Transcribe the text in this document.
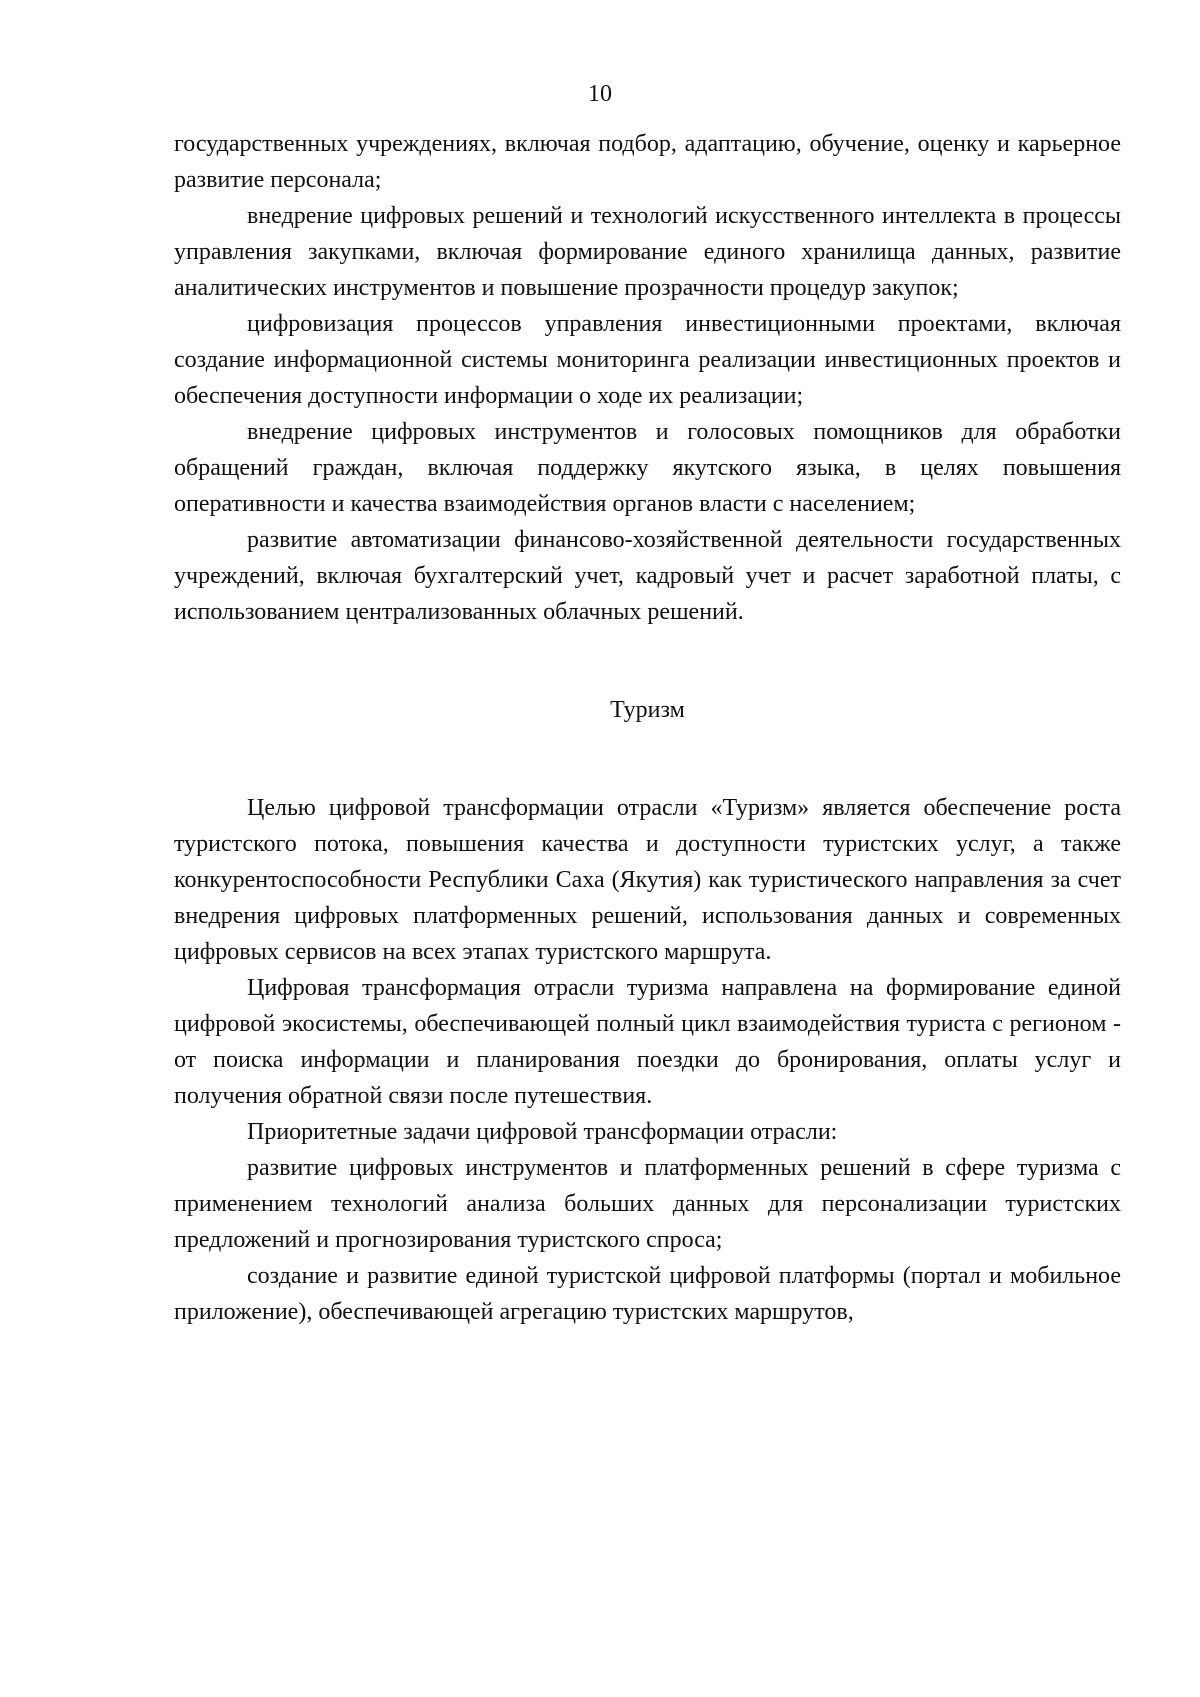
10

государственных учреждениях, включая подбор, адаптацию, обучение, оценку и карьерное развитие персонала;

внедрение цифровых решений и технологий искусственного интеллекта в процессы управления закупками, включая формирование единого хранилища данных, развитие аналитических инструментов и повышение прозрачности процедур закупок;

цифровизация процессов управления инвестиционными проектами, включая создание информационной системы мониторинга реализации инвестиционных проектов и обеспечения доступности информации о ходе их реализации;

внедрение цифровых инструментов и голосовых помощников для обработки обращений граждан, включая поддержку якутского языка, в целях повышения оперативности и качества взаимодействия органов власти с населением;

развитие автоматизации финансово-хозяйственной деятельности государственных учреждений, включая бухгалтерский учет, кадровый учет и расчет заработной платы, с использованием централизованных облачных решений.

Туризм

Целью цифровой трансформации отрасли «Туризм» является обеспечение роста туристского потока, повышения качества и доступности туристских услуг, а также конкурентоспособности Республики Саха (Якутия) как туристического направления за счет внедрения цифровых платформенных решений, использования данных и современных цифровых сервисов на всех этапах туристского маршрута.

Цифровая трансформация отрасли туризма направлена на формирование единой цифровой экосистемы, обеспечивающей полный цикл взаимодействия туриста с регионом - от поиска информации и планирования поездки до бронирования, оплаты услуг и получения обратной связи после путешествия.

Приоритетные задачи цифровой трансформации отрасли:

развитие цифровых инструментов и платформенных решений в сфере туризма с применением технологий анализа больших данных для персонализации туристских предложений и прогнозирования туристского спроса;

создание и развитие единой туристской цифровой платформы (портал и мобильное приложение), обеспечивающей агрегацию туристских маршрутов,
